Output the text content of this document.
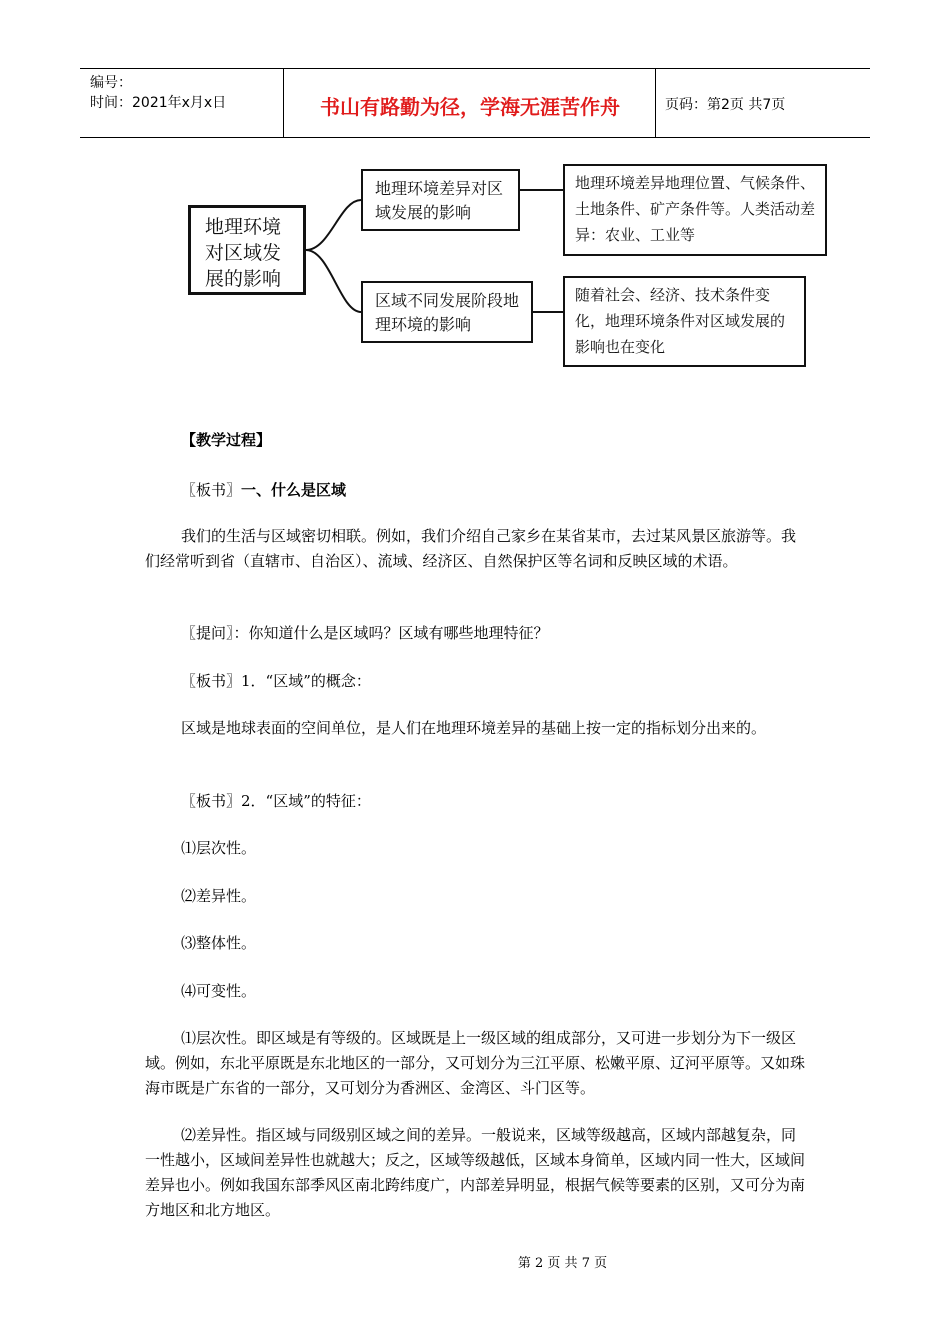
编号：
时间：2021年x月x日	书山有路勤为径，学海无涯苦作舟	页码：第2页 共7页
地理环境对区域发展的影响
地理环境差异对区域发展的影响
区域不同发展阶段地理环境的影响
地理环境差异地理位置、气候条件、土地条件、矿产条件等。人类活动差异：农业、工业等
随着社会、经济、技术条件变化，地理环境条件对区域发展的影响也在变化
【教学过程】
〖板书〗一、什么是区域
我们的生活与区域密切相联。例如，我们介绍自己家乡在某省某市，去过某风景区旅游等。我们经常听到省（直辖市、自治区）、流域、经济区、自然保护区等名词和反映区域的术语。
〖提问〗：你知道什么是区域吗？区域有哪些地理特征？
〖板书〗1．“区域”的概念：
区域是地球表面的空间单位，是人们在地理环境差异的基础上按一定的指标划分出来的。
〖板书〗2．“区域”的特征：
⑴层次性。
⑵差异性。
⑶整体性。
⑷可变性。
⑴层次性。即区域是有等级的。区域既是上一级区域的组成部分，又可进一步划分为下一级区域。例如，东北平原既是东北地区的一部分，又可划分为三江平原、松嫩平原、辽河平原等。又如珠海市既是广东省的一部分，又可划分为香洲区、金湾区、斗门区等。
⑵差异性。指区域与同级别区域之间的差异。一般说来，区域等级越高，区域内部越复杂，同一性越小，区域间差异性也就越大；反之，区域等级越低，区域本身简单，区域内同一性大，区域间差异也小。例如我国东部季风区南北跨纬度广，内部差异明显，根据气候等要素的区别，又可分为南方地区和北方地区。
第 2 页 共 7 页
